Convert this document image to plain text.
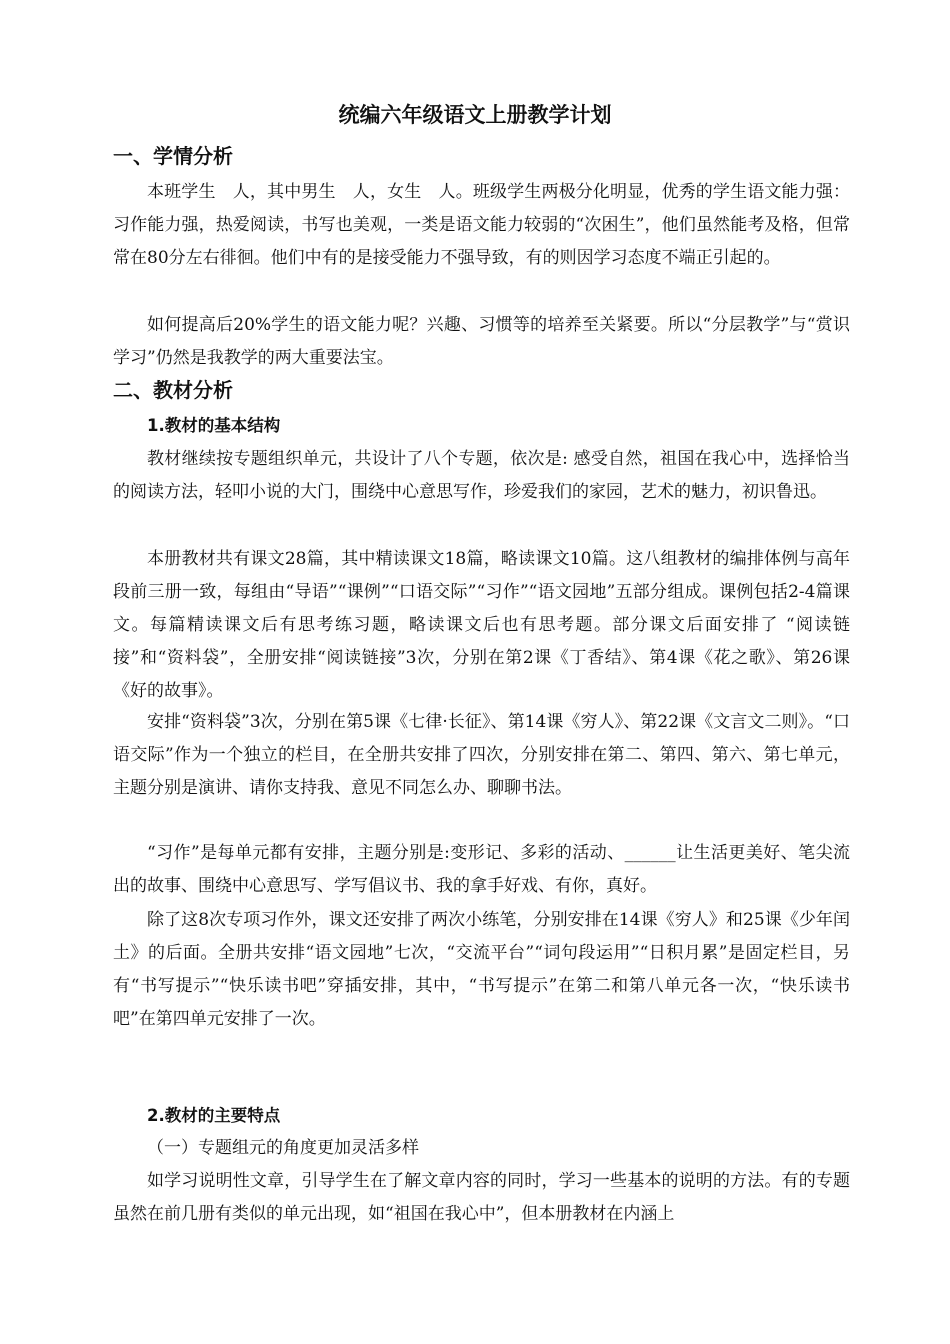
统编六年级语文上册教学计划
一、学情分析

本班学生　人，其中男生　人，女生　人。班级学生两极分化明显，优秀的学生语文能力强：习作能力强，热爱阅读，书写也美观，一类是语文能力较弱的“次困生”，他们虽然能考及格，但常常在80分左右徘徊。他们中有的是接受能力不强导致，有的则因学习态度不端正引起的。

如何提高后20%学生的语文能力呢？兴趣、习惯等的培养至关紧要。所以“分层教学”与“赏识学习”仍然是我教学的两大重要法宝。

二、教材分析
1.教材的基本结构

教材继续按专题组织单元，共设计了八个专题，依次是: 感受自然，祖国在我心中，选择恰当的阅读方法，轻叩小说的大门，围绕中心意思写作，珍爱我们的家园，艺术的魅力，初识鲁迅。

本册教材共有课文28篇，其中精读课文18篇，略读课文10篇。这八组教材的编排体例与高年段前三册一致，每组由“导语”“课例”“口语交际”“习作”“语文园地”五部分组成。课例包括2-4篇课文。每篇精读课文后有思考练习题，略读课文后也有思考题。部分课文后面安排了 “阅读链接”和“资料袋”，全册安排“阅读链接”3次，分别在第2课《丁香结》、第4课《花之歌》、第26课《好的故事》。

安排“资料袋”3次，分别在第5课《七律·长征》、第14课《穷人》、第22课《文言文二则》。“口语交际”作为一个独立的栏目，在全册共安排了四次，分别安排在第二、第四、第六、第七单元，主题分别是演讲、请你支持我、意见不同怎么办、聊聊书法。

“习作”是每单元都有安排，主题分别是:变形记、多彩的活动、______让生活更美好、笔尖流出的故事、围绕中心意思写、学写倡议书、我的拿手好戏、有你，真好。

除了这8次专项习作外，课文还安排了两次小练笔，分别安排在14课《穷人》和25课《少年闰土》的后面。全册共安排“语文园地”七次，“交流平台”“词句段运用”“日积月累”是固定栏目，另有“书写提示”“快乐读书吧”穿插安排，其中，“书写提示”在第二和第八单元各一次，“快乐读书吧”在第四单元安排了一次。

2.教材的主要特点
（一）专题组元的角度更加灵活多样

如学习说明性文章，引导学生在了解文章内容的同时，学习一些基本的说明的方法。有的专题虽然在前几册有类似的单元出现，如“祖国在我心中”，但本册教材在内涵上
